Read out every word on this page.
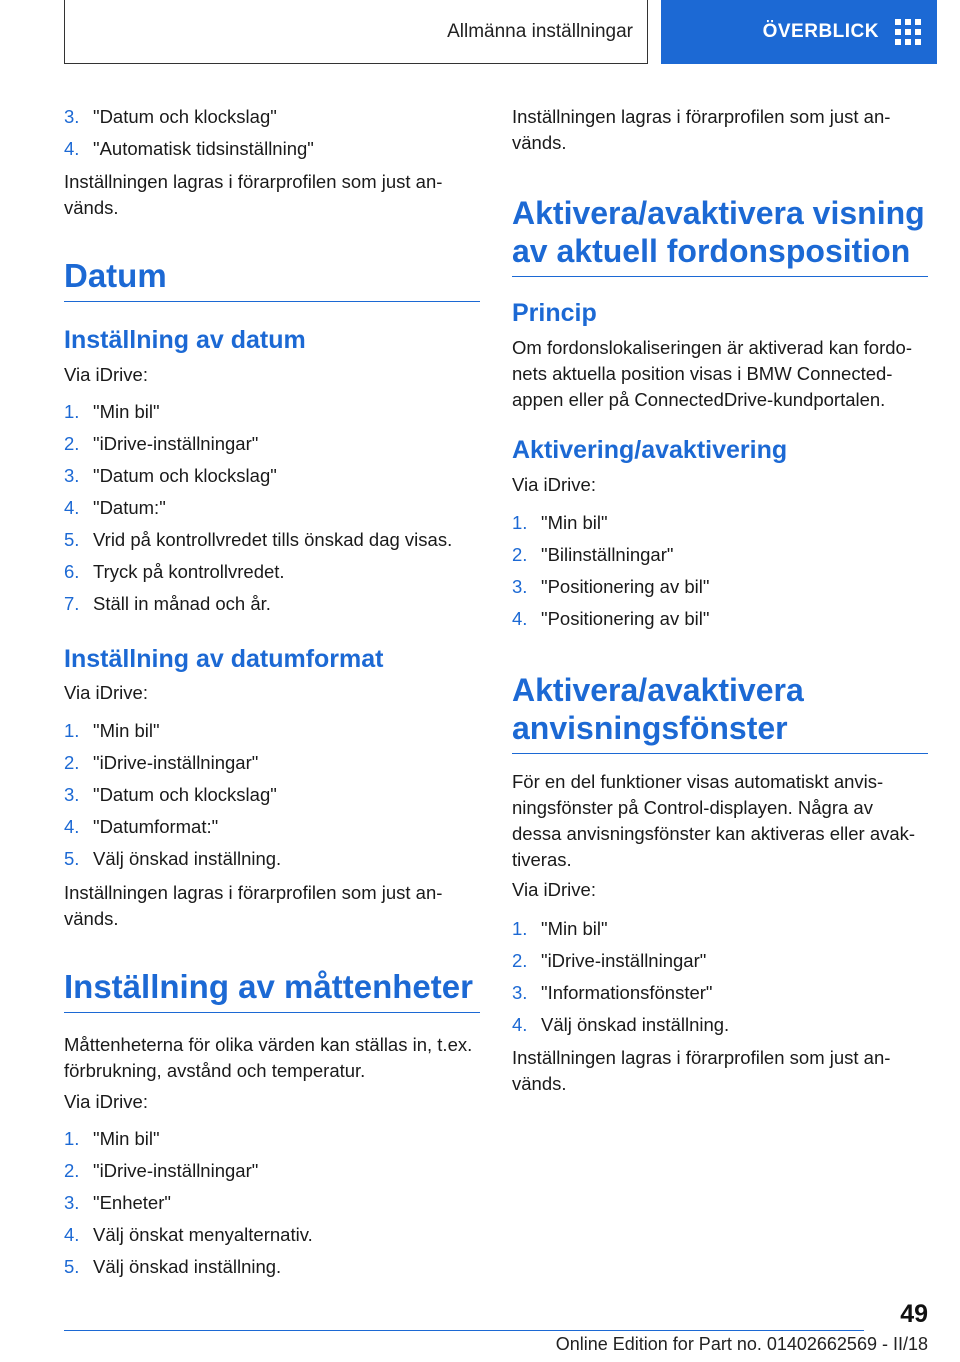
Allmänna inställningar	ÖVERBLICK
3. "Datum och klockslag"
4. "Automatisk tidsinställning"
Inställningen lagras i förarprofilen som just an-
vänds.
Datum
Inställning av datum
Via iDrive:
1. "Min bil"
2. "iDrive-inställningar"
3. "Datum och klockslag"
4. "Datum:"
5. Vrid på kontrollvredet tills önskad dag visas.
6. Tryck på kontrollvredet.
7. Ställ in månad och år.
Inställning av datumformat
Via iDrive:
1. "Min bil"
2. "iDrive-inställningar"
3. "Datum och klockslag"
4. "Datumformat:"
5. Välj önskad inställning.
Inställningen lagras i förarprofilen som just an-
vänds.
Inställning av måttenheter
Måttenheterna för olika värden kan ställas in, t.ex.
förbrukning, avstånd och temperatur.
Via iDrive:
1. "Min bil"
2. "iDrive-inställningar"
3. "Enheter"
4. Välj önskat menyalternativ.
5. Välj önskad inställning.
Inställningen lagras i förarprofilen som just an-
vänds.
Aktivera/avaktivera visning
av aktuell fordonsposition
Princip
Om fordonslokaliseringen är aktiverad kan fordo-
nets aktuella position visas i BMW Connected-
appen eller på ConnectedDrive-kundportalen.
Aktivering/avaktivering
Via iDrive:
1. "Min bil"
2. "Bilinställningar"
3. "Positionering av bil"
4. "Positionering av bil"
Aktivera/avaktivera
anvisningsfönster
För en del funktioner visas automatiskt anvis-
ningsfönster på Control-displayen. Några av
dessa anvisningsfönster kan aktiveras eller avak-
tiveras.
Via iDrive:
1. "Min bil"
2. "iDrive-inställningar"
3. "Informationsfönster"
4. Välj önskad inställning.
Inställningen lagras i förarprofilen som just an-
vänds.
49
Online Edition for Part no. 01402662569 - II/18
